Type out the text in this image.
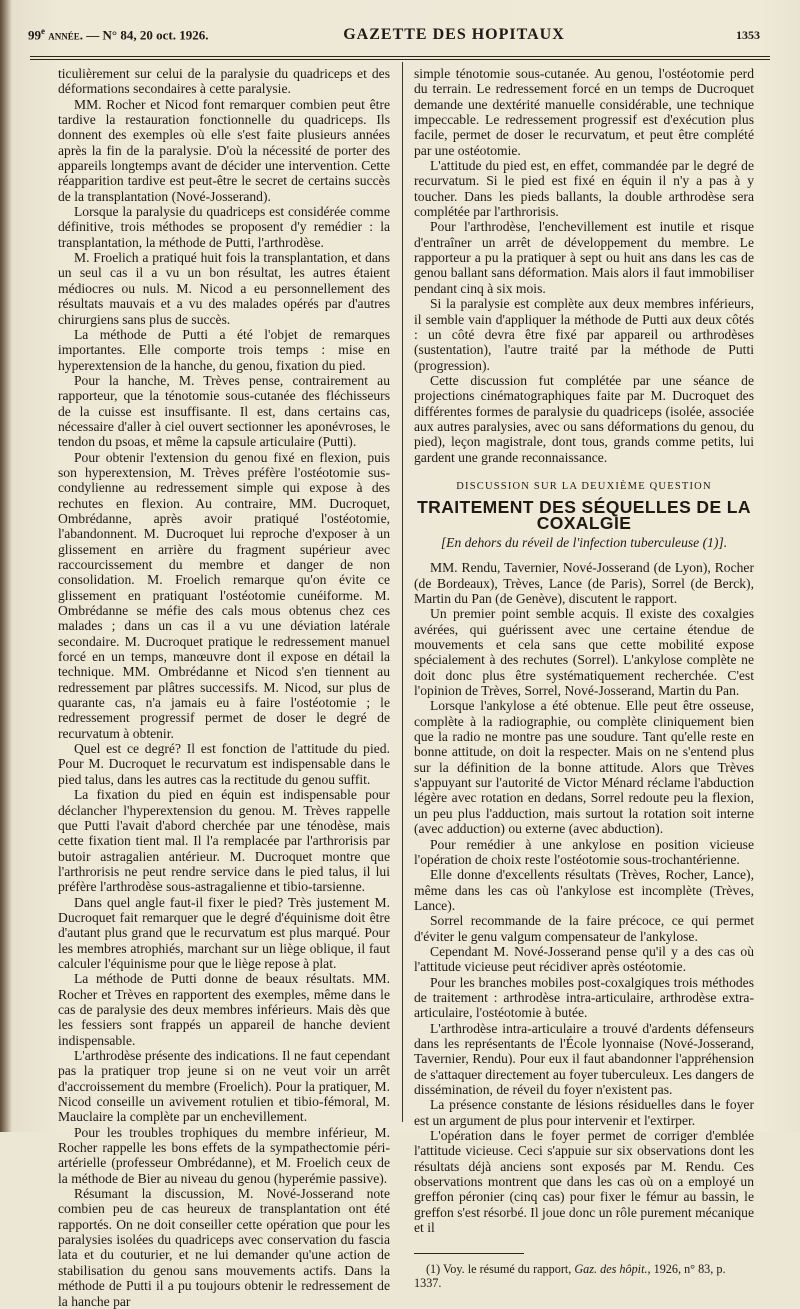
99e année. — N° 84, 20 oct. 1926.	GAZETTE DES HOPITAUX	1353

ticulièrement sur celui de la paralysie du quadriceps et des déformations secondaires à cette paralysie.

MM. Rocher et Nicod font remarquer combien peut être tardive la restauration fonctionnelle du quadriceps. Ils donnent des exemples où elle s'est faite plusieurs années après la fin de la paralysie. D'où la nécessité de porter des appareils longtemps avant de décider une intervention. Cette réapparition tardive est peut-être le secret de certains succès de la transplantation (Nové-Josserand).

Lorsque la paralysie du quadriceps est considérée comme définitive, trois méthodes se proposent d'y remédier : la transplantation, la méthode de Putti, l'arthrodèse.

M. Froelich a pratiqué huit fois la transplantation, et dans un seul cas il a vu un bon résultat, les autres étaient médiocres ou nuls. M. Nicod a eu personnellement des résultats mauvais et a vu des malades opérés par d'autres chirurgiens sans plus de succès.

La méthode de Putti a été l'objet de remarques importantes. Elle comporte trois temps : mise en hyperextension de la hanche, du genou, fixation du pied.

Pour la hanche, M. Trèves pense, contrairement au rapporteur, que la ténotomie sous-cutanée des fléchisseurs de la cuisse est insuffisante. Il est, dans certains cas, nécessaire d'aller à ciel ouvert sectionner les aponévroses, le tendon du psoas, et même la capsule articulaire (Putti).

Pour obtenir l'extension du genou fixé en flexion, puis son hyperextension, M. Trèves préfère l'ostéotomie sus-condylienne au redressement simple qui expose à des rechutes en flexion. Au contraire, MM. Ducroquet, Ombrédanne, après avoir pratiqué l'ostéotomie, l'abandonnent. M. Ducroquet lui reproche d'exposer à un glissement en arrière du fragment supérieur avec raccourcissement du membre et danger de non consolidation. M. Froelich remarque qu'on évite ce glissement en pratiquant l'ostéotomie cunéiforme. M. Ombrédanne se méfie des cals mous obtenus chez ces malades ; dans un cas il a vu une déviation latérale secondaire. M. Ducroquet pratique le redressement manuel forcé en un temps, manœuvre dont il expose en détail la technique. MM. Ombrédanne et Nicod s'en tiennent au redressement par plâtres successifs. M. Nicod, sur plus de quarante cas, n'a jamais eu à faire l'ostéotomie ; le redressement progressif permet de doser le degré de recurvatum à obtenir.

Quel est ce degré? Il est fonction de l'attitude du pied. Pour M. Ducroquet le recurvatum est indispensable dans le pied talus, dans les autres cas la rectitude du genou suffit.

La fixation du pied en équin est indispensable pour déclancher l'hyperextension du genou. M. Trèves rappelle que Putti l'avait d'abord cherchée par une ténodèse, mais cette fixation tient mal. Il l'a remplacée par l'arthrorisis par butoir astragalien antérieur. M. Ducroquet montre que l'arthrorisis ne peut rendre service dans le pied talus, il lui préfère l'arthrodèse sous-astragalienne et tibio-tarsienne.

Dans quel angle faut-il fixer le pied? Très justement M. Ducroquet fait remarquer que le degré d'équinisme doit être d'autant plus grand que le recurvatum est plus marqué. Pour les membres atrophiés, marchant sur un liège oblique, il faut calculer l'équinisme pour que le liège repose à plat.

La méthode de Putti donne de beaux résultats. MM. Rocher et Trèves en rapportent des exemples, même dans le cas de paralysie des deux membres inférieurs. Mais dès que les fessiers sont frappés un appareil de hanche devient indispensable.

L'arthrodèse présente des indications. Il ne faut cependant pas la pratiquer trop jeune si on ne veut voir un arrêt d'accroissement du membre (Froelich). Pour la pratiquer, M. Nicod conseille un avivement rotulien et tibio-fémoral, M. Mauclaire la complète par un enchevillement.

Pour les troubles trophiques du membre inférieur, M. Rocher rappelle les bons effets de la sympathectomie péri-artérielle (professeur Ombrédanne), et M. Froelich ceux de la méthode de Bier au niveau du genou (hyperémie passive).

Résumant la discussion, M. Nové-Josserand note combien peu de cas heureux de transplantation ont été rapportés. On ne doit conseiller cette opération que pour les paralysies isolées du quadriceps avec conservation du fascia lata et du couturier, et ne lui demander qu'une action de stabilisation du genou sans mouvements actifs. Dans la méthode de Putti il a pu toujours obtenir le redressement de la hanche par

simple ténotomie sous-cutanée. Au genou, l'ostéotomie perd du terrain. Le redressement forcé en un temps de Ducroquet demande une dextérité manuelle considérable, une technique impeccable. Le redressement progressif est d'exécution plus facile, permet de doser le recurvatum, et peut être complété par une ostéotomie.

L'attitude du pied est, en effet, commandée par le degré de recurvatum. Si le pied est fixé en équin il n'y a pas à y toucher. Dans les pieds ballants, la double arthrodèse sera complétée par l'arthrorisis.

Pour l'arthrodèse, l'enchevillement est inutile et risque d'entraîner un arrêt de développement du membre. Le rapporteur a pu la pratiquer à sept ou huit ans dans les cas de genou ballant sans déformation. Mais alors il faut immobiliser pendant cinq à six mois.

Si la paralysie est complète aux deux membres inférieurs, il semble vain d'appliquer la méthode de Putti aux deux côtés : un côté devra être fixé par appareil ou arthrodèses (sustentation), l'autre traité par la méthode de Putti (progression).

Cette discussion fut complétée par une séance de projections cinématographiques faite par M. Ducroquet des différentes formes de paralysie du quadriceps (isolée, associée aux autres paralysies, avec ou sans déformations du genou, du pied), leçon magistrale, dont tous, grands comme petits, lui gardent une grande reconnaissance.

DISCUSSION SUR LA DEUXIÈME QUESTION
TRAITEMENT DES SÉQUELLES DE LA COXALGIE
[En dehors du réveil de l'infection tuberculeuse (1)].

MM. Rendu, Tavernier, Nové-Josserand (de Lyon), Rocher (de Bordeaux), Trèves, Lance (de Paris), Sorrel (de Berck), Martin du Pan (de Genève), discutent le rapport.

Un premier point semble acquis. Il existe des coxalgies avérées, qui guérissent avec une certaine étendue de mouvements et cela sans que cette mobilité expose spécialement à des rechutes (Sorrel). L'ankylose complète ne doit donc plus être systématiquement recherchée. C'est l'opinion de Trèves, Sorrel, Nové-Josserand, Martin du Pan.

Lorsque l'ankylose a été obtenue. Elle peut être osseuse, complète à la radiographie, ou complète cliniquement bien que la radio ne montre pas une soudure. Tant qu'elle reste en bonne attitude, on doit la respecter. Mais on ne s'entend plus sur la définition de la bonne attitude. Alors que Trèves s'appuyant sur l'autorité de Victor Ménard réclame l'abduction légère avec rotation en dedans, Sorrel redoute peu la flexion, un peu plus l'adduction, mais surtout la rotation soit interne (avec adduction) ou externe (avec abduction).

Pour remédier à une ankylose en position vicieuse l'opération de choix reste l'ostéotomie sous-trochantérienne.

Elle donne d'excellents résultats (Trèves, Rocher, Lance), même dans les cas où l'ankylose est incomplète (Trèves, Lance).

Sorrel recommande de la faire précoce, ce qui permet d'éviter le genu valgum compensateur de l'ankylose.

Cependant M. Nové-Josserand pense qu'il y a des cas où l'attitude vicieuse peut récidiver après ostéotomie.

Pour les branches mobiles post-coxalgiques trois méthodes de traitement : arthrodèse intra-articulaire, arthrodèse extra-articulaire, l'ostéotomie à butée.

L'arthrodèse intra-articulaire a trouvé d'ardents défenseurs dans les représentants de l'École lyonnaise (Nové-Josserand, Tavernier, Rendu). Pour eux il faut abandonner l'appréhension de s'attaquer directement au foyer tuberculeux. Les dangers de dissémination, de réveil du foyer n'existent pas.

La présence constante de lésions résiduelles dans le foyer est un argument de plus pour intervenir et l'extirper.

L'opération dans le foyer permet de corriger d'emblée l'attitude vicieuse. Ceci s'appuie sur six observations dont les résultats déjà anciens sont exposés par M. Rendu. Ces observations montrent que dans les cas où on a employé un greffon péronier (cinq cas) pour fixer le fémur au bassin, le greffon s'est résorbé. Il joue donc un rôle purement mécanique et il

(1) Voy. le résumé du rapport, Gaz. des hôpit., 1926, n° 83, p. 1337.
